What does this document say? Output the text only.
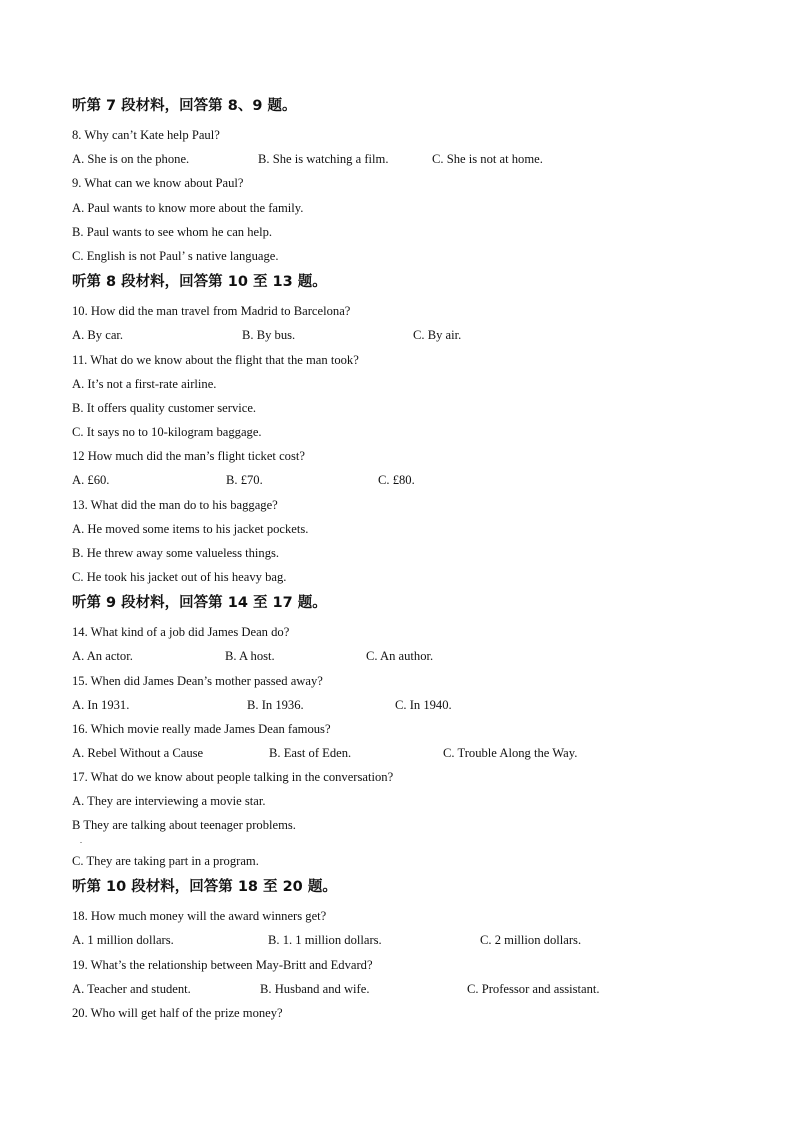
听第 7 段材料，回答第 8、9 题。
8. Why can’t Kate help Paul?
A. She is on the phone.	B. She is watching a film.	C. She is not at home.
9. What can we know about Paul?
A. Paul wants to know more about the family.
B. Paul wants to see whom he can help.
C. English is not Paul’ s native language.
听第 8 段材料，回答第 10 至 13 题。
10. How did the man travel from Madrid to Barcelona?
A. By car.	B. By bus.	C. By air.
11. What do we know about the flight that the man took?
A. It’s not a first-rate airline.
B. It offers quality customer service.
C. It says no to 10-kilogram baggage.
12 How much did the man’s flight ticket cost?
A. £60.	B. £70.	C. £80.
13. What did the man do to his baggage?
A. He moved some items to his jacket pockets.
B. He threw away some valueless things.
C. He took his jacket out of his heavy bag.
听第 9 段材料，回答第 14 至 17 题。
14. What kind of a job did James Dean do?
A. An actor.	B. A host.	C. An author.
15. When did James Dean’s mother passed away?
A. In 1931.	B. In 1936.	C. In 1940.
16. Which movie really made James Dean famous?
A. Rebel Without a Cause	B. East of Eden.	C. Trouble Along the Way.
17. What do we know about people talking in the conversation?
A. They are interviewing a movie star.
B They are talking about teenager problems.
.
C. They are taking part in a program.
听第 10 段材料，回答第 18 至 20 题。
18. How much money will the award winners get?
A. 1 million dollars.	B. 1. 1 million dollars.	C. 2 million dollars.
19. What’s the relationship between May-Britt and Edvard?
A. Teacher and student.	B. Husband and wife.	C. Professor and assistant.
20. Who will get half of the prize money?
